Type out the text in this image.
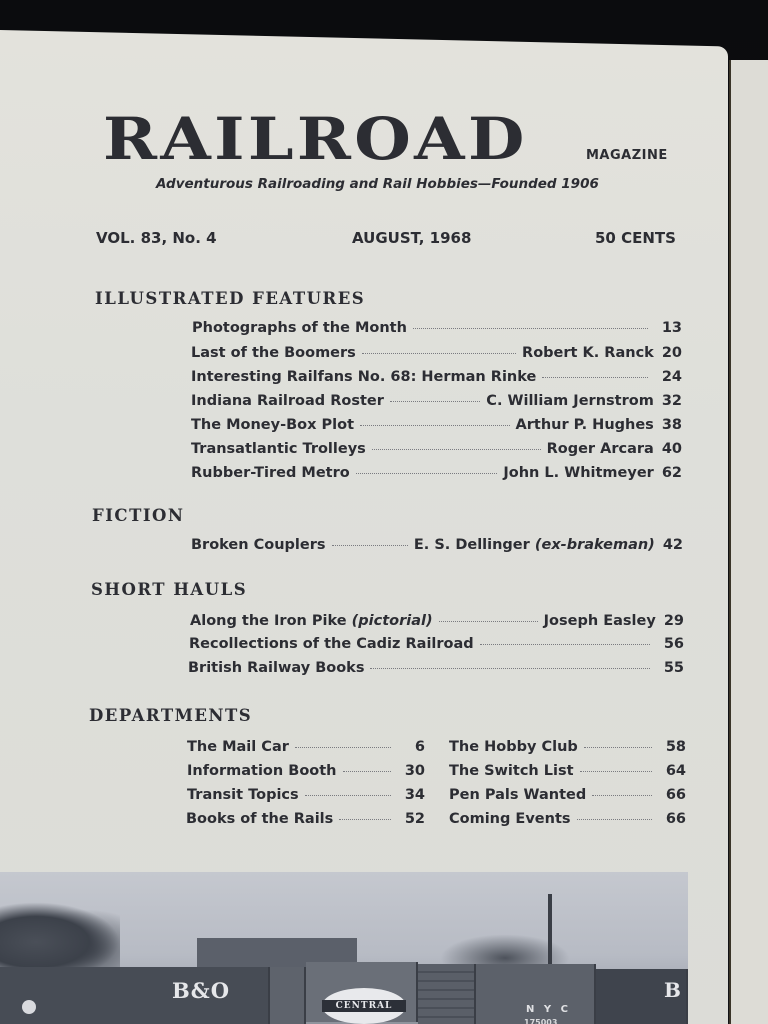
RAILROAD	MAGAZINE
Adventurous Railroading and Rail Hobbies—Founded 1906
VOL. 83, No. 4	AUGUST, 1968	50 CENTS
ILLUSTRATED FEATURES
Photographs of the Month	13
Last of the Boomers	Robert K. Ranck 20
Interesting Railfans No. 68: Herman Rinke	24
Indiana Railroad Roster	C. William Jernstrom 32
The Money-Box Plot	Arthur P. Hughes 38
Transatlantic Trolleys	Roger Arcara 40
Rubber-Tired Metro	John L. Whitmeyer 62
FICTION
Broken Couplers	E. S. Dellinger (ex-brakeman) 42
SHORT HAULS
Along the Iron Pike (pictorial)	Joseph Easley 29
Recollections of the Cadiz Railroad	56
British Railway Books	55
DEPARTMENTS
The Mail Car	6
Information Booth	30
Transit Topics	34
Books of the Rails	52
The Hobby Club	58
The Switch List	64
Pen Pals Wanted	66
Coming Events	66
B&O
CENTRAL	N Y C
175003
B
